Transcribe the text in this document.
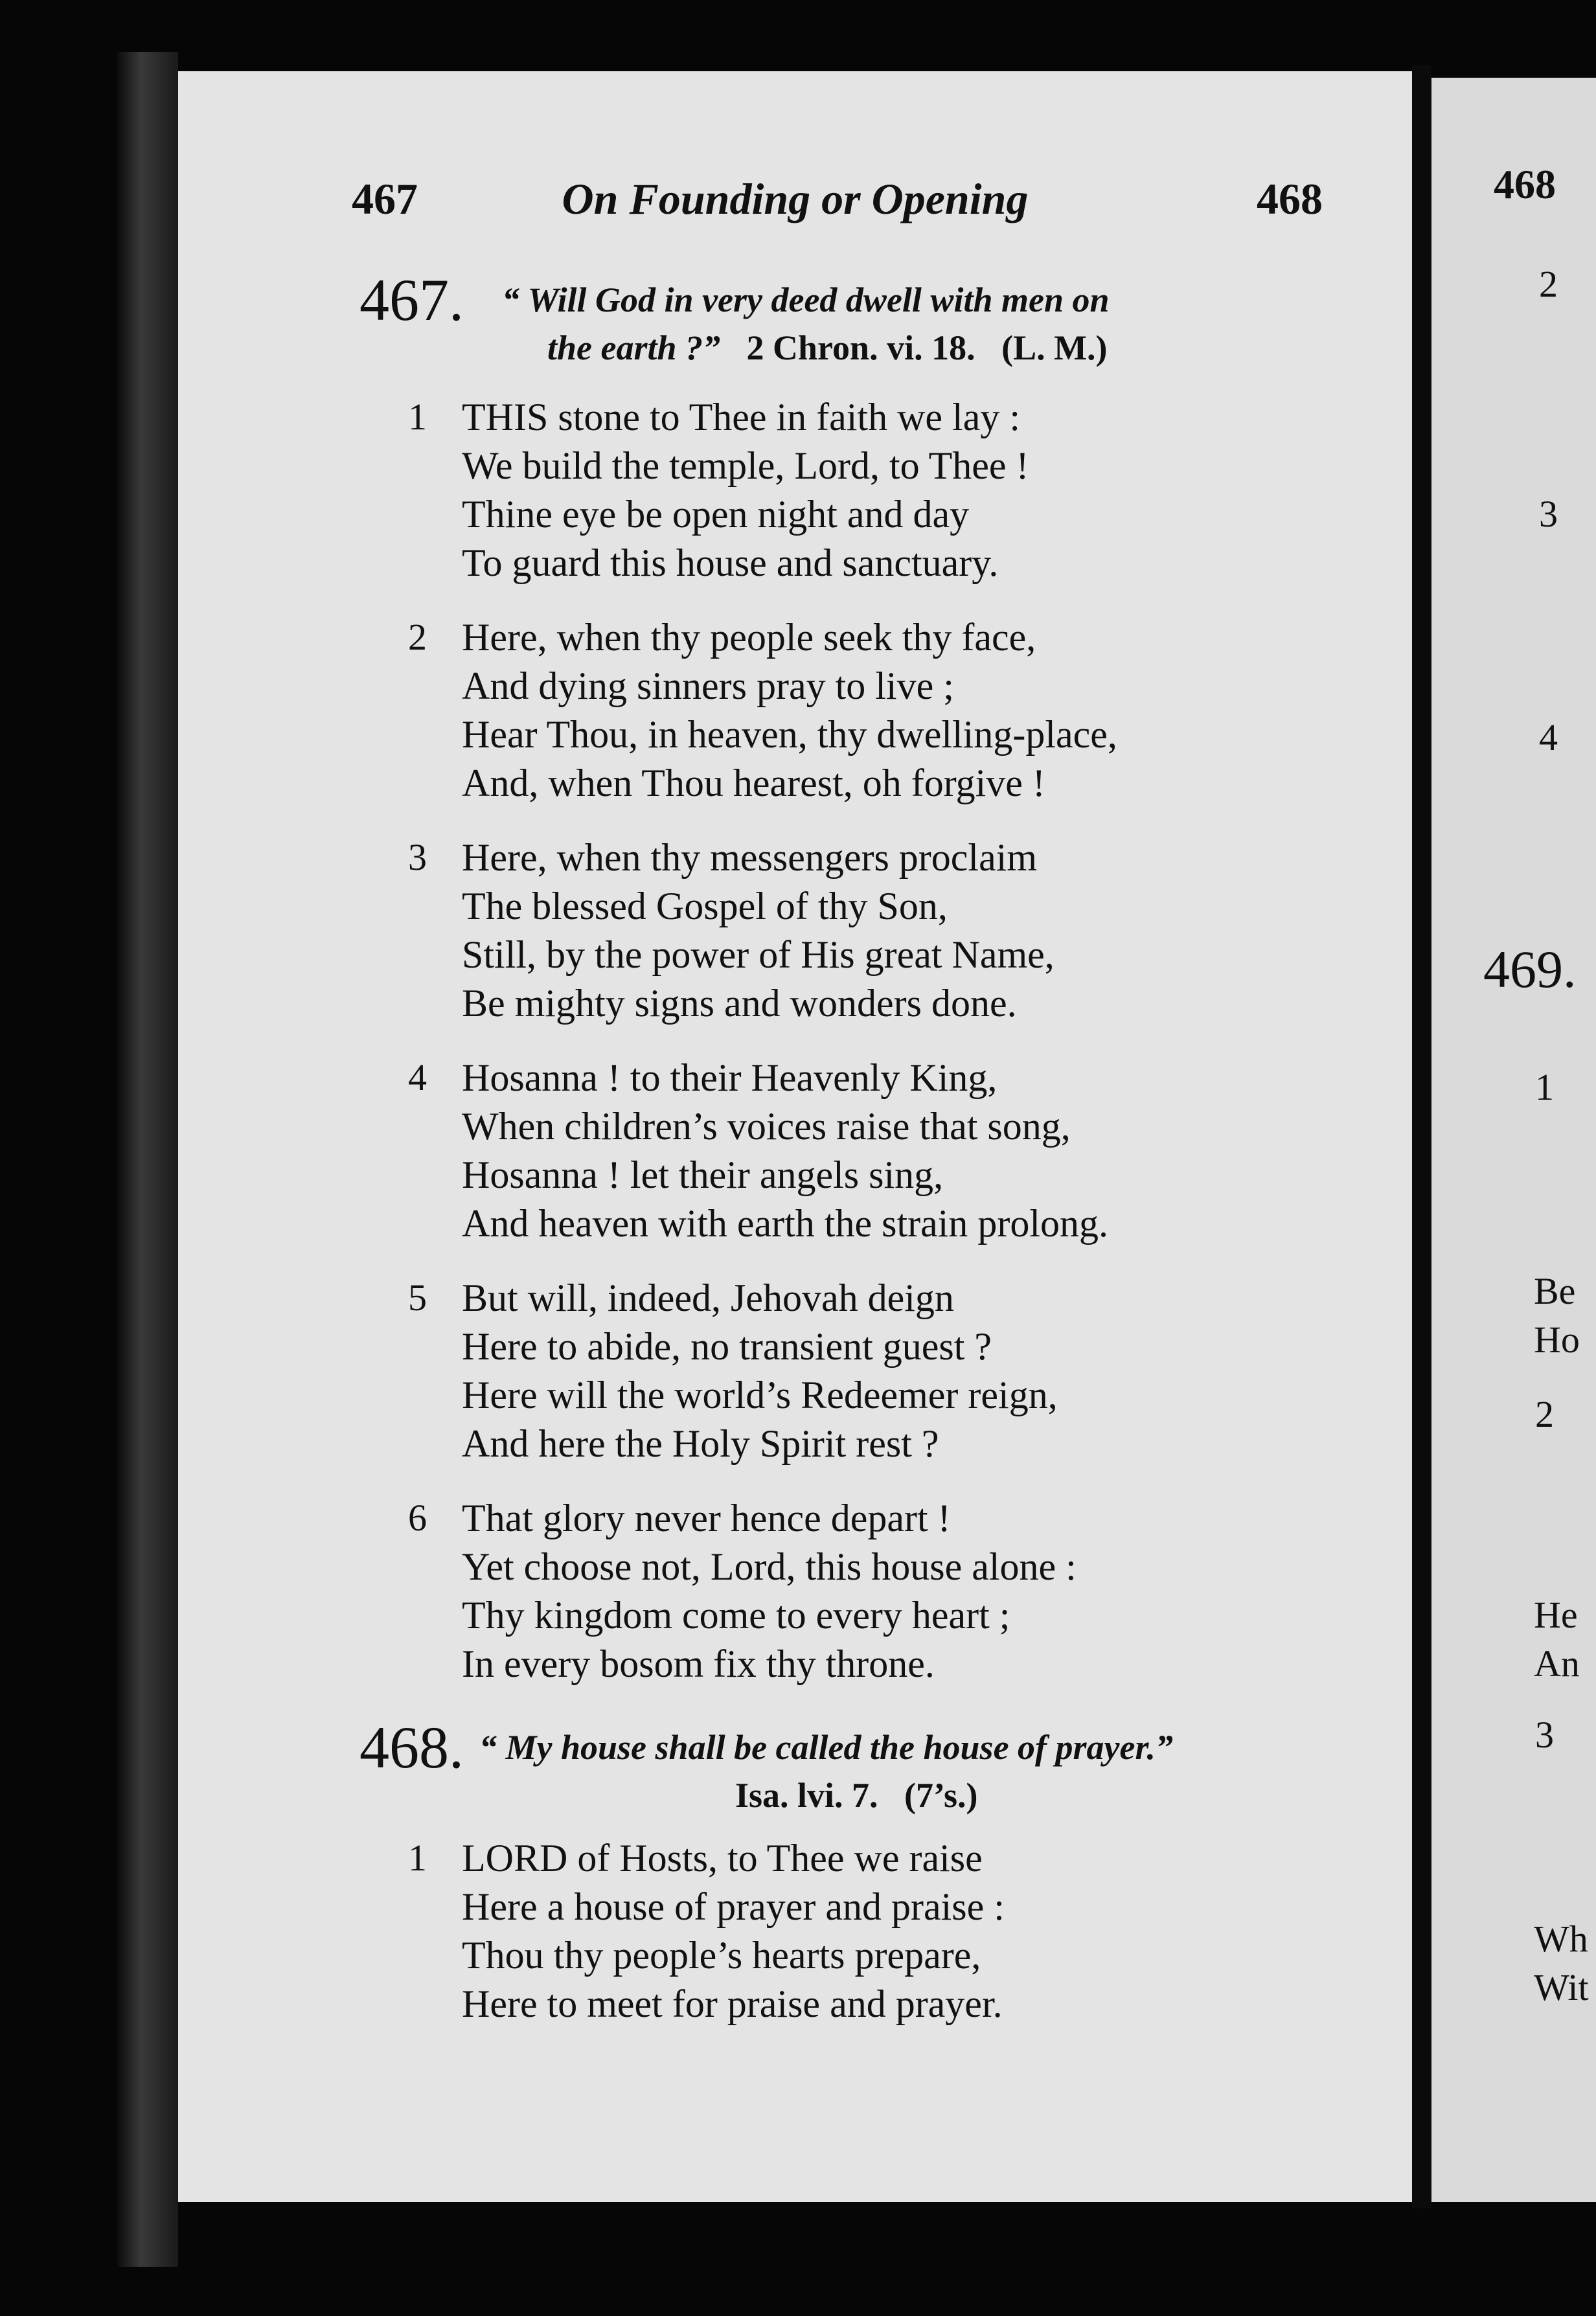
467	On Founding or Opening	468
467. “ Will God in very deed dwell with men on
the earth ?” 2 Chron. vi. 18. (L. M.)
1 THIS stone to Thee in faith we lay :
We build the temple, Lord, to Thee !
Thine eye be open night and day
To guard this house and sanctuary.
2 Here, when thy people seek thy face,
And dying sinners pray to live ;
Hear Thou, in heaven, thy dwelling-place,
And, when Thou hearest, oh forgive !
3 Here, when thy messengers proclaim
The blessed Gospel of thy Son,
Still, by the power of His great Name,
Be mighty signs and wonders done.
4 Hosanna ! to their Heavenly King,
When children’s voices raise that song,
Hosanna ! let their angels sing,
And heaven with earth the strain prolong.
5 But will, indeed, Jehovah deign
Here to abide, no transient guest ?
Here will the world’s Redeemer reign,
And here the Holy Spirit rest ?
6 That glory never hence depart !
Yet choose not, Lord, this house alone :
Thy kingdom come to every heart ;
In every bosom fix thy throne.
468. “ My house shall be called the house of prayer.”
Isa. lvi. 7. (7’s.)
1 LORD of Hosts, to Thee we raise
Here a house of prayer and praise :
Thou thy people’s hearts prepare,
Here to meet for praise and prayer.
468
2
3
4
469.
1
Be
Ho
2
He
An
3
Wh
Wit
